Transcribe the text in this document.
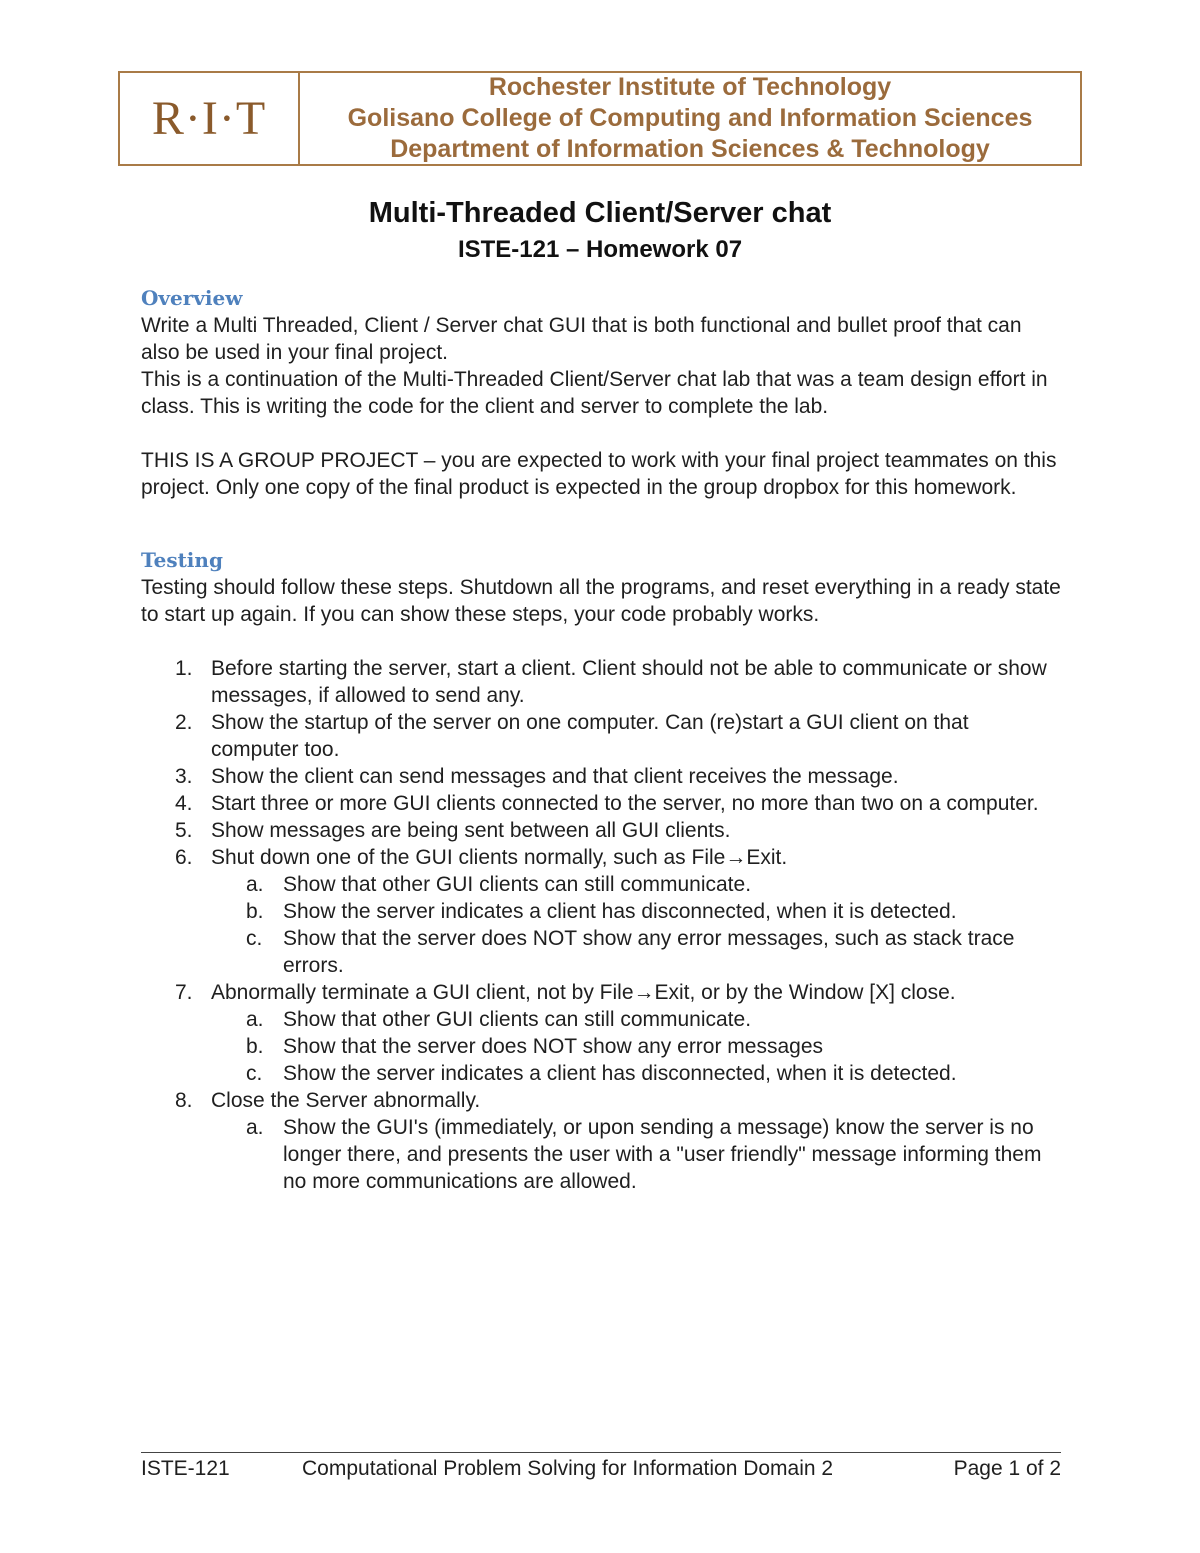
R·I·T
Rochester Institute of Technology
Golisano College of Computing and Information Sciences
Department of Information Sciences & Technology
Multi-Threaded Client/Server chat
ISTE-121 – Homework 07
Overview

Write a Multi Threaded, Client / Server chat GUI that is both functional and bullet proof that can also be used in your final project.

This is a continuation of the Multi-Threaded Client/Server chat lab that was a team design effort in class. This is writing the code for the client and server to complete the lab.

THIS IS A GROUP PROJECT – you are expected to work with your final project teammates on this project. Only one copy of the final product is expected in the group dropbox for this homework.

Testing

Testing should follow these steps. Shutdown all the programs, and reset everything in a ready state to start up again. If you can show these steps, your code probably works.

1. Before starting the server, start a client. Client should not be able to communicate or show messages, if allowed to send any.
2. Show the startup of the server on one computer. Can (re)start a GUI client on that computer too.
3. Show the client can send messages and that client receives the message.
4. Start three or more GUI clients connected to the server, no more than two on a computer.
5. Show messages are being sent between all GUI clients.
6. Shut down one of the GUI clients normally, such as File→Exit.
a. Show that other GUI clients can still communicate.
b. Show the server indicates a client has disconnected, when it is detected.
c. Show that the server does NOT show any error messages, such as stack trace errors.
7. Abnormally terminate a GUI client, not by File→Exit, or by the Window [X] close.
a. Show that other GUI clients can still communicate.
b. Show that the server does NOT show any error messages
c. Show the server indicates a client has disconnected, when it is detected.
8. Close the Server abnormally.
a. Show the GUI's (immediately, or upon sending a message) know the server is no longer there, and presents the user with a "user friendly" message informing them no more communications are allowed.
ISTE-121	Computational Problem Solving for Information Domain 2	Page 1 of 2
